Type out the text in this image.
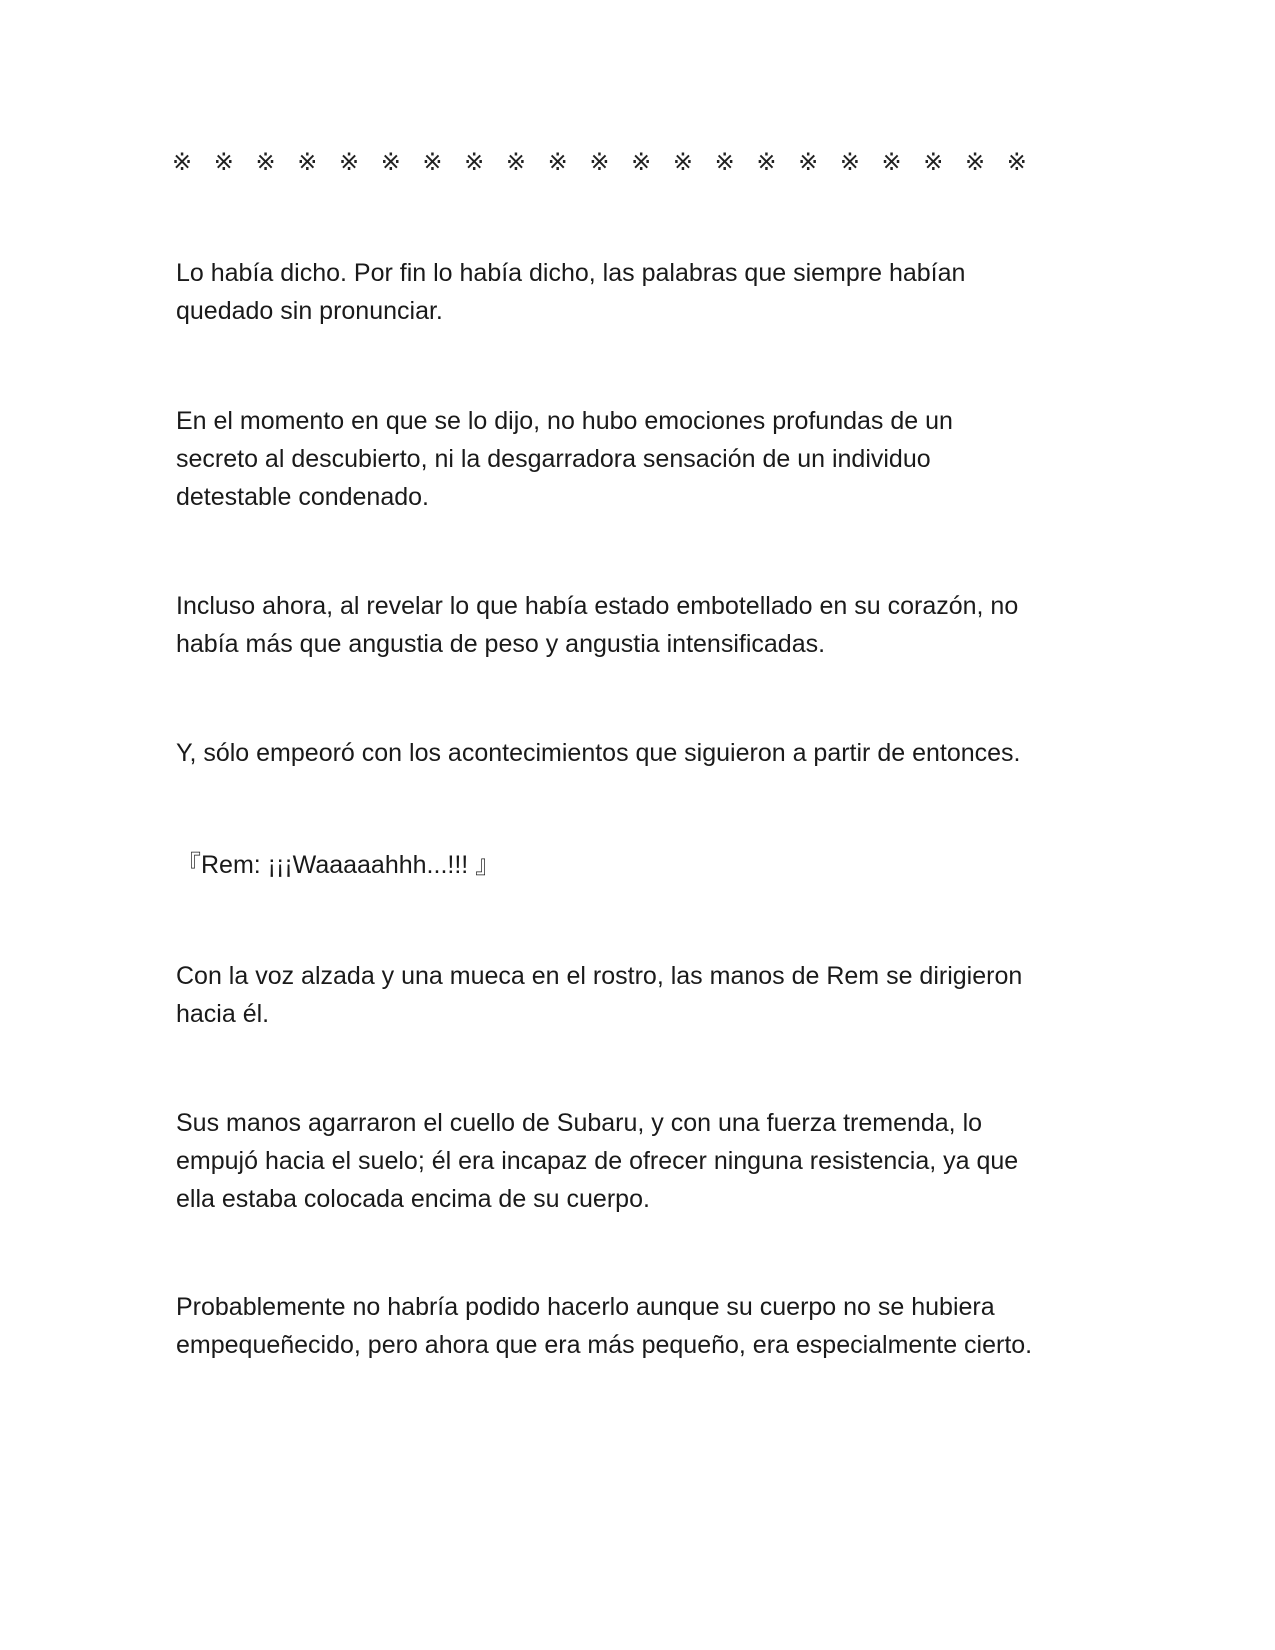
※ ※ ※ ※ ※ ※ ※ ※ ※ ※ ※ ※ ※ ※ ※ ※ ※ ※ ※ ※ ※

Lo había dicho. Por fin lo había dicho, las palabras que siempre habían
quedado sin pronunciar.

En el momento en que se lo dijo, no hubo emociones profundas de un
secreto al descubierto, ni la desgarradora sensación de un individuo
detestable condenado.

Incluso ahora, al revelar lo que había estado embotellado en su corazón, no
había más que angustia de peso y angustia intensificadas.

Y, sólo empeoró con los acontecimientos que siguieron a partir de entonces.

『Rem: ¡¡¡Waaaaahhh...!!! 』

Con la voz alzada y una mueca en el rostro, las manos de Rem se dirigieron
hacia él.

Sus manos agarraron el cuello de Subaru, y con una fuerza tremenda, lo
empujó hacia el suelo; él era incapaz de ofrecer ninguna resistencia, ya que
ella estaba colocada encima de su cuerpo.

Probablemente no habría podido hacerlo aunque su cuerpo no se hubiera
empequeñecido, pero ahora que era más pequeño, era especialmente cierto.
